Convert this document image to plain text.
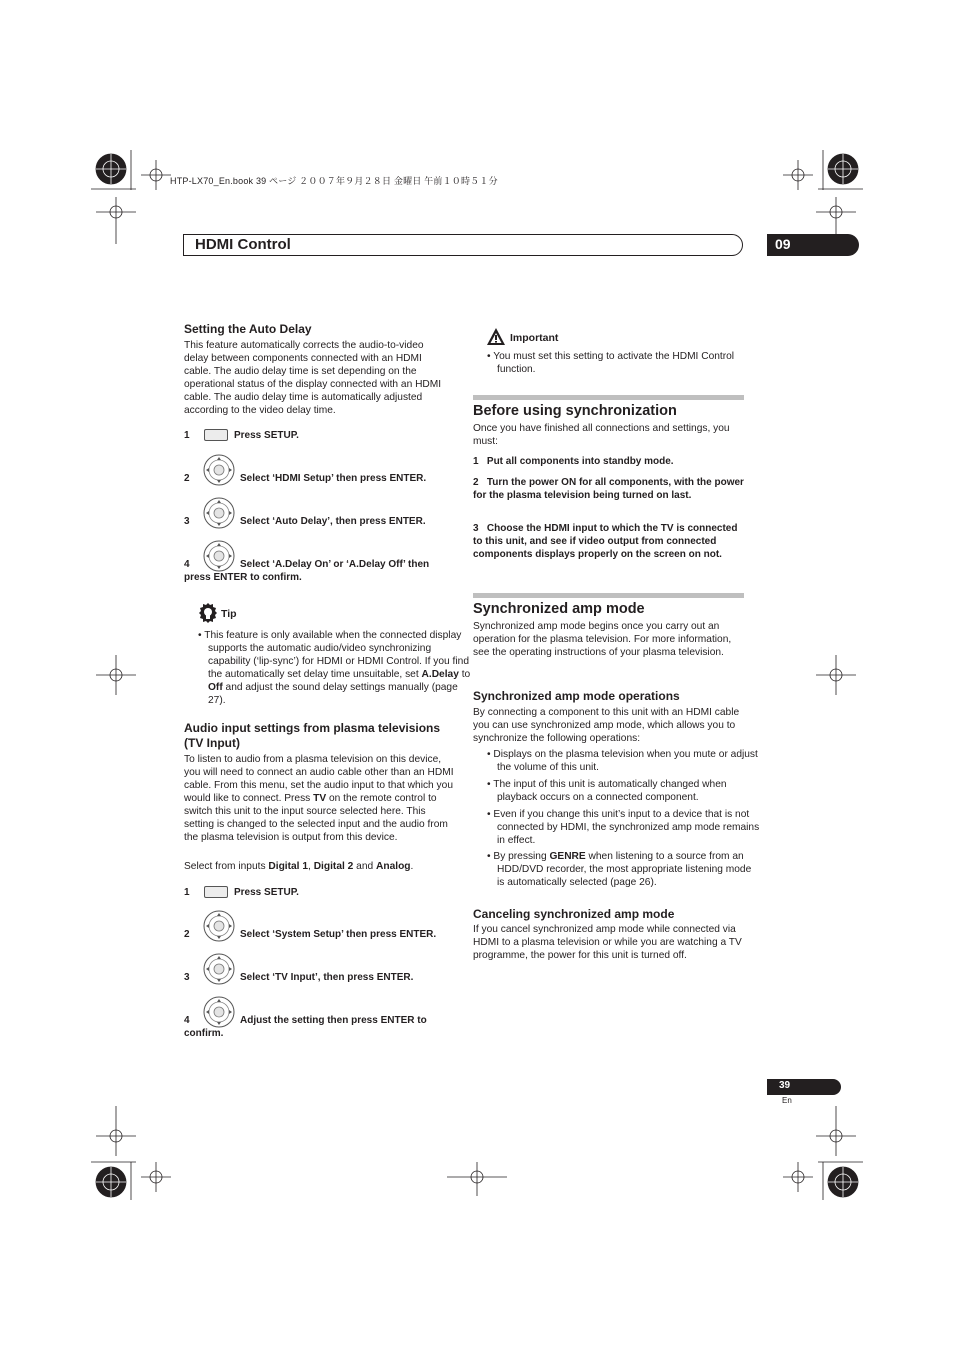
HTP-LX70_En.book 39 ページ ２００７年９月２８日 金曜日 午前１０時５１分
HDMI Control	09
Setting the Auto Delay
This feature automatically corrects the audio-to-video delay between components connected with an HDMI cable. The audio delay time is set depending on the operational status of the display connected with an HDMI cable. The audio delay time is automatically adjusted according to the video delay time.
1	Press SETUP.
2	Select ‘HDMI Setup’ then press ENTER.
3	Select ‘Auto Delay’, then press ENTER.
4	Select ‘A.Delay On’ or ‘A.Delay Off’ then
press ENTER to confirm.
Tip
• This feature is only available when the connected display supports the automatic audio/video synchronizing capability (‘lip-sync’) for HDMI or HDMI Control. If you find the automatically set delay time unsuitable, set A.Delay to Off and adjust the sound delay settings manually (page 27).
Audio input settings from plasma televisions
(TV Input)
To listen to audio from a plasma television on this device, you will need to connect an audio cable other than an HDMI cable. From this menu, set the audio input to that which you would like to connect. Press TV on the remote control to switch this unit to the input source selected here. This setting is changed to the selected input and the audio from the plasma television is output from this device.
Select from inputs Digital 1, Digital 2 and Analog.
1	Press SETUP.
2	Select ‘System Setup’ then press ENTER.
3	Select ‘TV Input’, then press ENTER.
4	Adjust the setting then press ENTER to
confirm.
Important
• You must set this setting to activate the HDMI Control function.
Before using synchronization
Once you have finished all connections and settings, you must:
1 Put all components into standby mode.
2 Turn the power ON for all components, with the power for the plasma television being turned on last.
3 Choose the HDMI input to which the TV is connected to this unit, and see if video output from connected components displays properly on the screen on not.
Synchronized amp mode
Synchronized amp mode begins once you carry out an operation for the plasma television. For more information, see the operating instructions of your plasma television.
Synchronized amp mode operations
By connecting a component to this unit with an HDMI cable you can use synchronized amp mode, which allows you to synchronize the following operations:
• Displays on the plasma television when you mute or adjust the volume of this unit.
• The input of this unit is automatically changed when playback occurs on a connected component.
• Even if you change this unit’s input to a device that is not connected by HDMI, the synchronized amp mode remains in effect.
• By pressing GENRE when listening to a source from an HDD/DVD recorder, the most appropriate listening mode is automatically selected (page 26).
Canceling synchronized amp mode
If you cancel synchronized amp mode while connected via HDMI to a plasma television or while you are watching a TV programme, the power for this unit is turned off.
39
En
